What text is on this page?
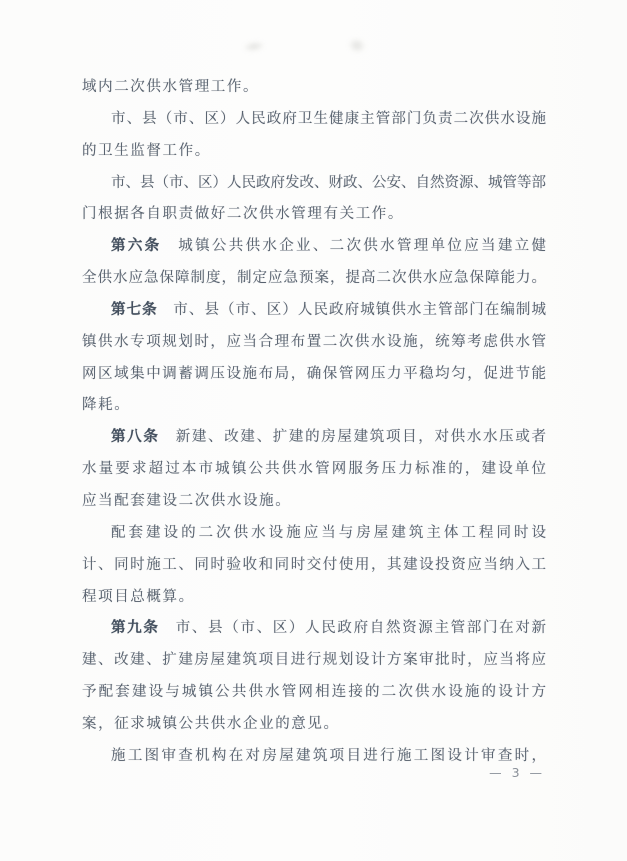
域内二次供水管理工作。
市、县（市、区）人民政府卫生健康主管部门负责二次供水设施
的卫生监督工作。
市、县（市、区）人民政府发改、财政、公安、自然资源、城管等部
门根据各自职责做好二次供水管理有关工作。
第六条　城镇公共供水企业、二次供水管理单位应当建立健
全供水应急保障制度，制定应急预案，提高二次供水应急保障能力。
第七条　市、县（市、区）人民政府城镇供水主管部门在编制城
镇供水专项规划时，应当合理布置二次供水设施，统筹考虑供水管
网区域集中调蓄调压设施布局，确保管网压力平稳均匀，促进节能
降耗。
第八条　新建、改建、扩建的房屋建筑项目，对供水水压或者
水量要求超过本市城镇公共供水管网服务压力标准的，建设单位
应当配套建设二次供水设施。
配套建设的二次供水设施应当与房屋建筑主体工程同时设
计、同时施工、同时验收和同时交付使用，其建设投资应当纳入工
程项目总概算。
第九条　市、县（市、区）人民政府自然资源主管部门在对新
建、改建、扩建房屋建筑项目进行规划设计方案审批时，应当将应
予配套建设与城镇公共供水管网相连接的二次供水设施的设计方
案，征求城镇公共供水企业的意见。
施工图审查机构在对房屋建筑项目进行施工图设计审查时，
— 3 —
